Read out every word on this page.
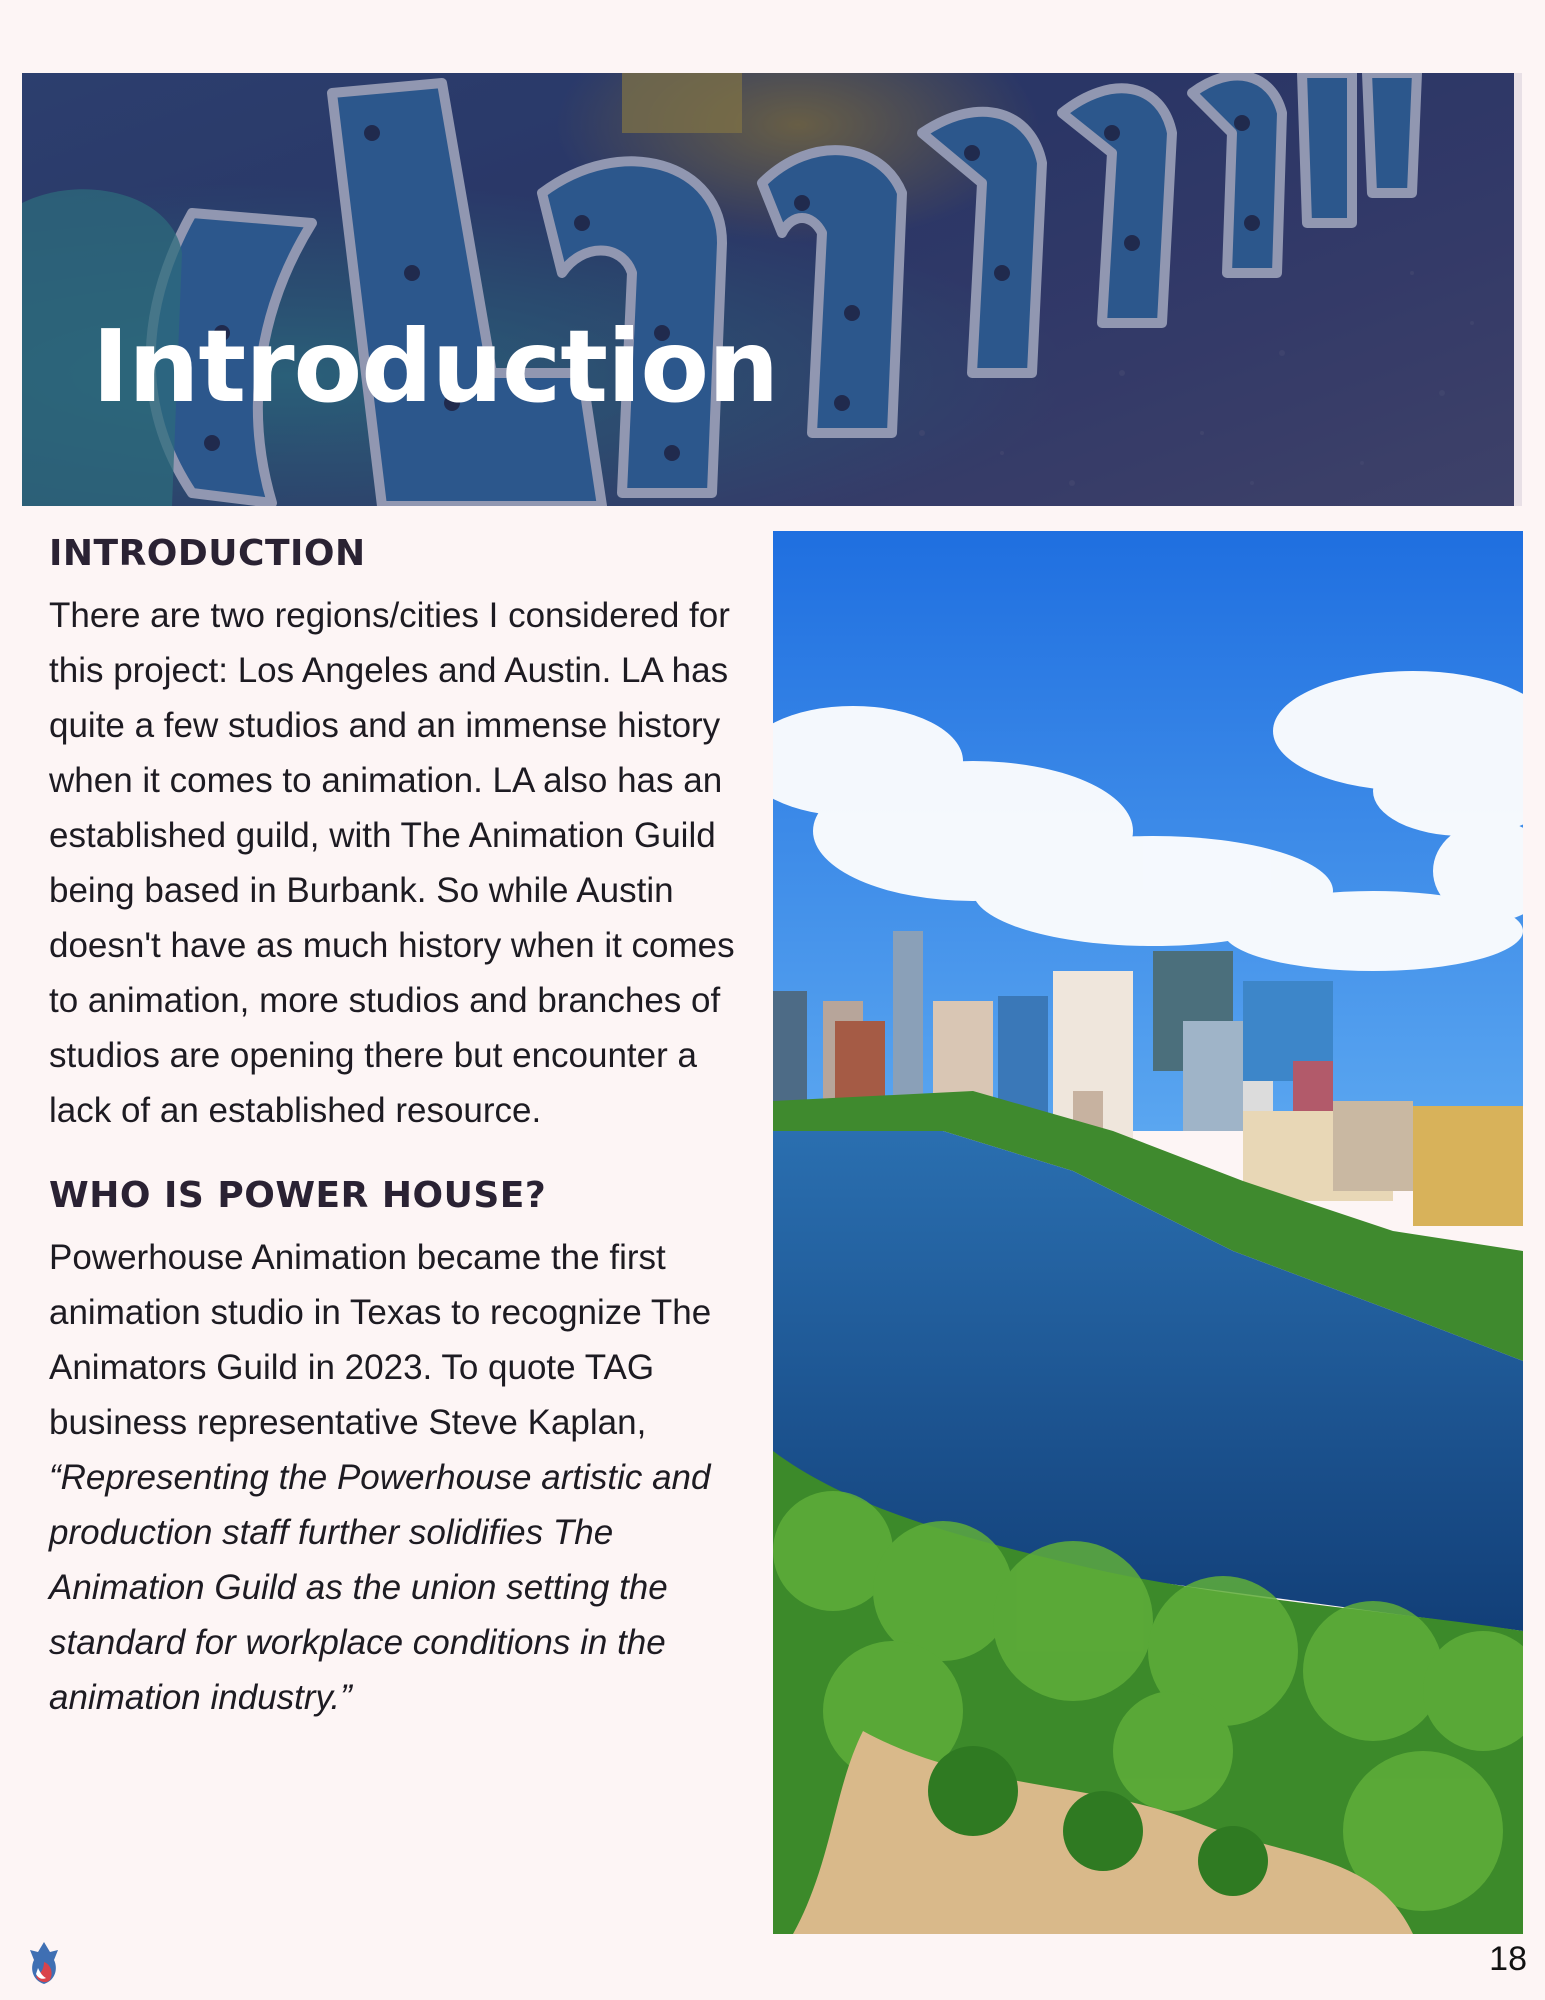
Introduction
INTRODUCTION

There are two regions/cities I considered for this project: Los Angeles and Austin. LA has quite a few studios and an immense history when it comes to animation. LA also has an established guild, with The Animation Guild being based in Burbank. So while Austin doesn't have as much history when it comes to animation, more studios and branches of studios are opening there but encounter a lack of an established resource.

WHO IS POWER HOUSE?

Powerhouse Animation became the first animation studio in Texas to recognize The Animators Guild in 2023. To quote TAG business representative Steve Kaplan, “Representing the Powerhouse artistic and production staff further solidifies The Animation Guild as the union setting the standard for workplace conditions in the animation industry.”

18
